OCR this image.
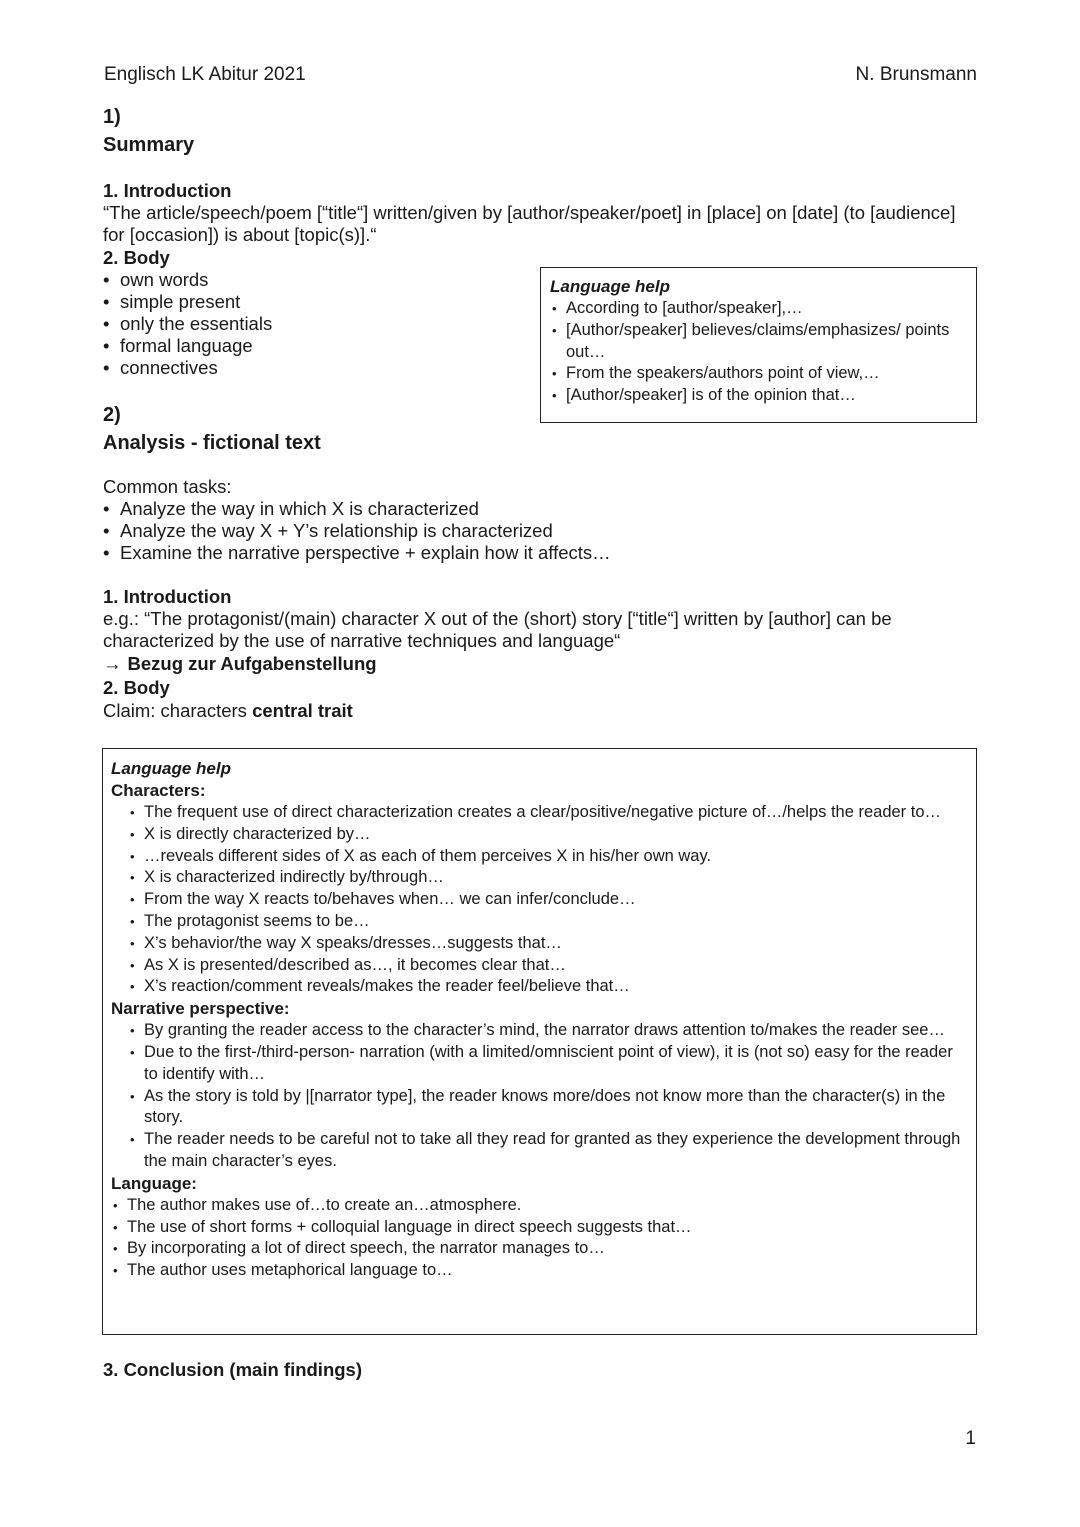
Englisch LK Abitur 2021	N. Brunsmann
1)
Summary
1. Introduction
“The article/speech/poem [“title“] written/given by [author/speaker/poet] in [place] on [date] (to [audience] for [occasion]) is about [topic(s)].“
2. Body
• own words
• simple present
• only the essentials
• formal language
• connectives
Language help
• According to [author/speaker],…
• [Author/speaker] believes/claims/emphasizes/ points out…
• From the speakers/authors point of view,…
• [Author/speaker] is of the opinion that…
2)
Analysis - fictional text
Common tasks:
• Analyze the way in which X is characterized
• Analyze the way X + Y’s relationship is characterized
• Examine the narrative perspective + explain how it affects…
1. Introduction
e.g.: “The protagonist/(main) character X out of the (short) story [“title“] written by [author] can be characterized by the use of narrative techniques and language“
→ Bezug zur Aufgabenstellung
2. Body
Claim: characters central trait
Language help
Characters:
• The frequent use of direct characterization creates a clear/positive/negative picture of…/helps the reader to…
• X is directly characterized by…
• …reveals different sides of X as each of them perceives X in his/her own way.
• X is characterized indirectly by/through…
• From the way X reacts to/behaves when… we can infer/conclude…
• The protagonist seems to be…
• X’s behavior/the way X speaks/dresses…suggests that…
• As X is presented/described as…, it becomes clear that…
• X’s reaction/comment reveals/makes the reader feel/believe that…
Narrative perspective:
• By granting the reader access to the character’s mind, the narrator draws attention to/makes the reader see…
• Due to the first-/third-person- narration (with a limited/omniscient point of view), it is (not so) easy for the reader to identify with…
• As the story is told by |[narrator type], the reader knows more/does not know more than the character(s) in the story.
• The reader needs to be careful not to take all they read for granted as they experience the development through the main character’s eyes.
Language:
• The author makes use of…to create an…atmosphere.
• The use of short forms + colloquial language in direct speech suggests that…
• By incorporating a lot of direct speech, the narrator manages to…
• The author uses metaphorical language to…
3. Conclusion (main findings)
1
